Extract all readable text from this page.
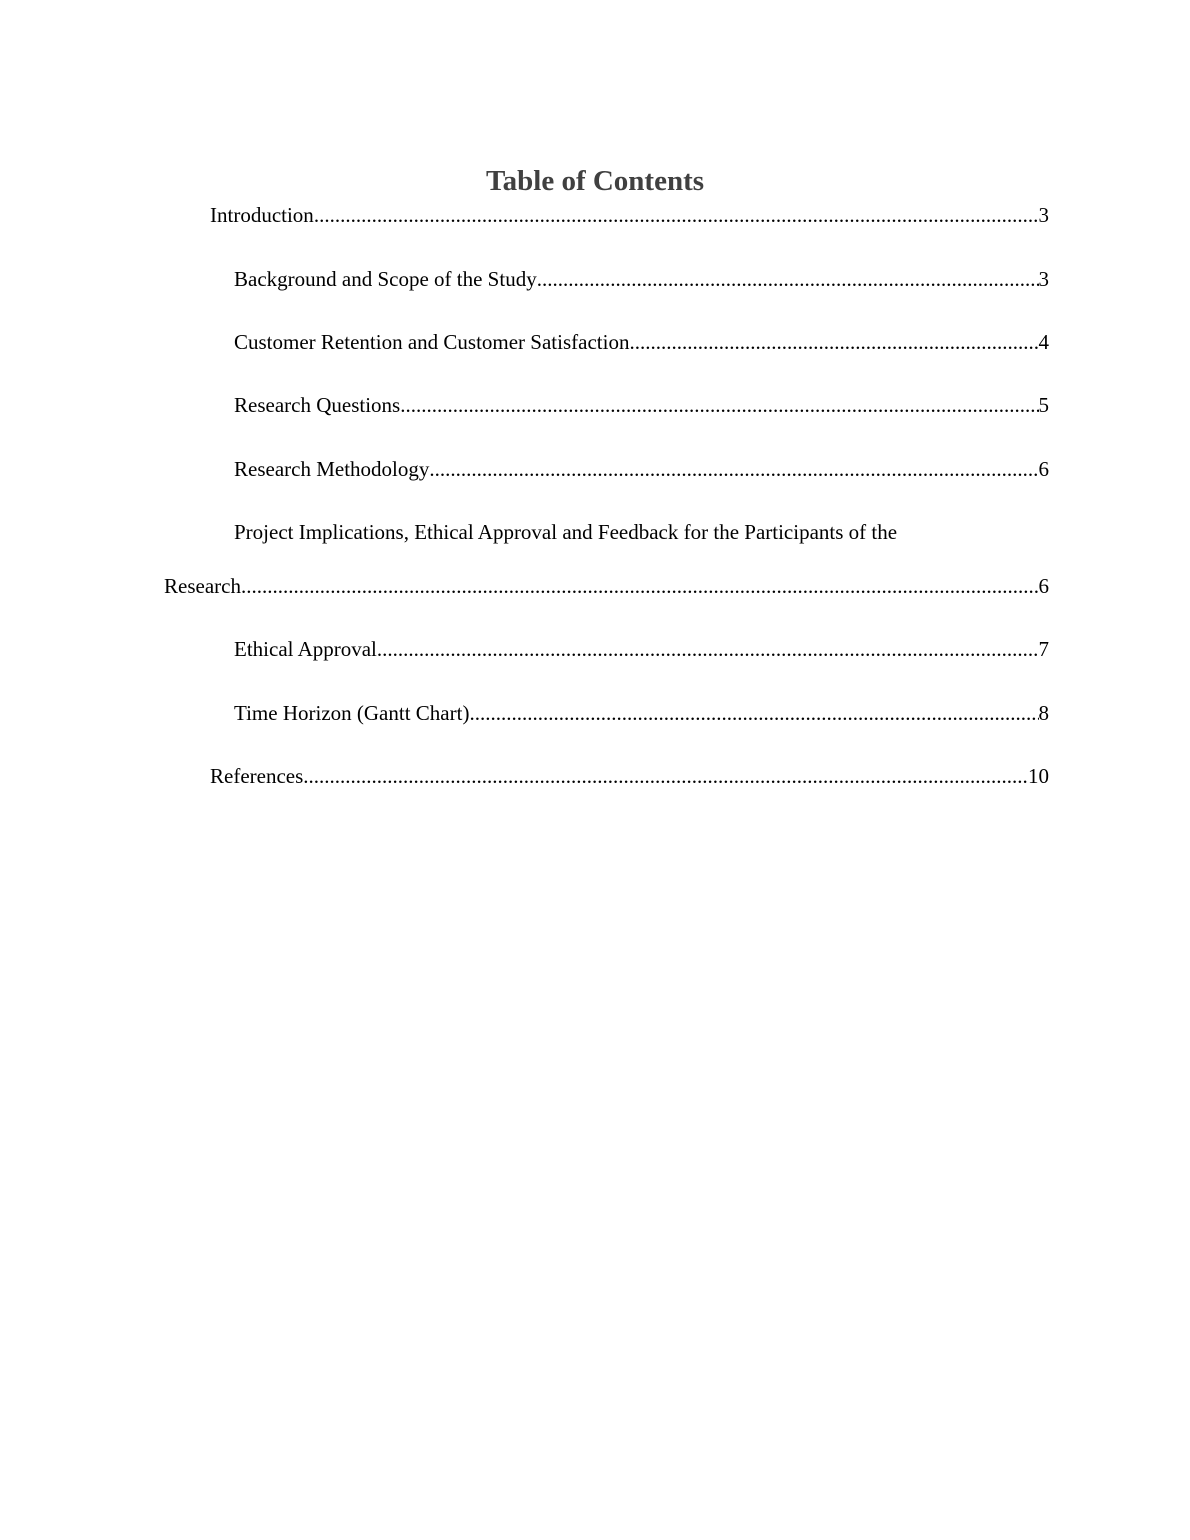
Table of Contents
Introduction .....	3
Background and Scope of the Study .....	3
Customer Retention and Customer Satisfaction .....	4
Research Questions .....	5
Research Methodology .....	6
Project Implications, Ethical Approval and Feedback for the Participants of the
Research .....	6
Ethical Approval .....	7
Time Horizon (Gantt Chart) .....	8
References .....	10
